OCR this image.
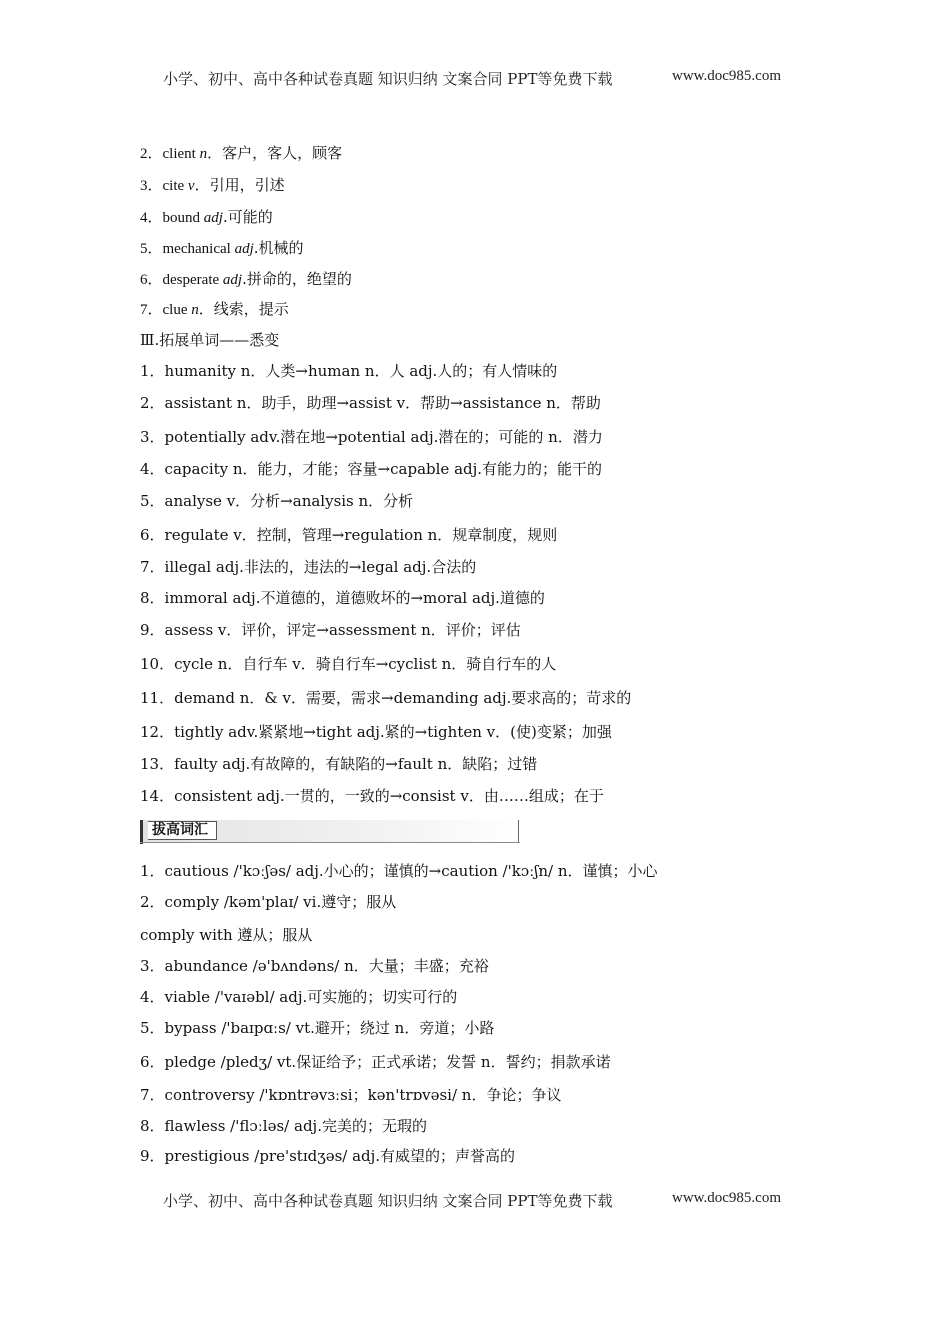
小学、初中、高中各种试卷真题 知识归纳 文案合同 PPT等免费下载	www.doc985.com
2．client n．客户，客人，顾客
3．cite v．引用，引述
4．bound adj.可能的
5．mechanical adj.机械的
6．desperate adj.拼命的，绝望的
7．clue n．线索，提示
Ⅲ.拓展单词——悉变
1．humanity n．人类→human n．人 adj.人的；有人情味的
2．assistant n．助手，助理→assist v．帮助→assistance n．帮助
3．potentially adv.潜在地→potential adj.潜在的；可能的 n．潜力
4．capacity n．能力，才能；容量→capable adj.有能力的；能干的
5．analyse v．分析→analysis n．分析
6．regulate v．控制，管理→regulation n．规章制度，规则
7．illegal adj.非法的，违法的→legal adj.合法的
8．immoral adj.不道德的，道德败坏的→moral adj.道德的
9．assess v．评价，评定→assessment n．评价；评估
10．cycle n．自行车 v．骑自行车→cyclist n．骑自行车的人
11．demand n．& v．需要，需求→demanding adj.要求高的；苛求的
12．tightly adv.紧紧地→tight adj.紧的→tighten v．(使)变紧；加强
13．faulty adj.有故障的，有缺陷的→fault n．缺陷；过错
14．consistent adj.一贯的，一致的→consist v．由……组成；在于
拔高词汇
1．cautious /'kɔːʃəs/ adj.小心的；谨慎的→caution /'kɔːʃn/ n．谨慎；小心
2．comply /kəm'plaɪ/ vi.遵守；服从
comply with 遵从；服从
3．abundance /ə'bʌndəns/ n．大量；丰盛；充裕
4．viable /'vaɪəbl/ adj.可实施的；切实可行的
5．bypass /'baɪpɑːs/ vt.避开；绕过 n．旁道；小路
6．pledge /pledʒ/ vt.保证给予；正式承诺；发誓 n．誓约；捐款承诺
7．controversy /'kɒntrəvɜːsi；kən'trɒvəsi/ n．争论；争议
8．flawless /'flɔːləs/ adj.完美的；无瑕的
9．prestigious /pre'stɪdʒəs/ adj.有威望的；声誉高的
小学、初中、高中各种试卷真题 知识归纳 文案合同 PPT等免费下载	www.doc985.com
